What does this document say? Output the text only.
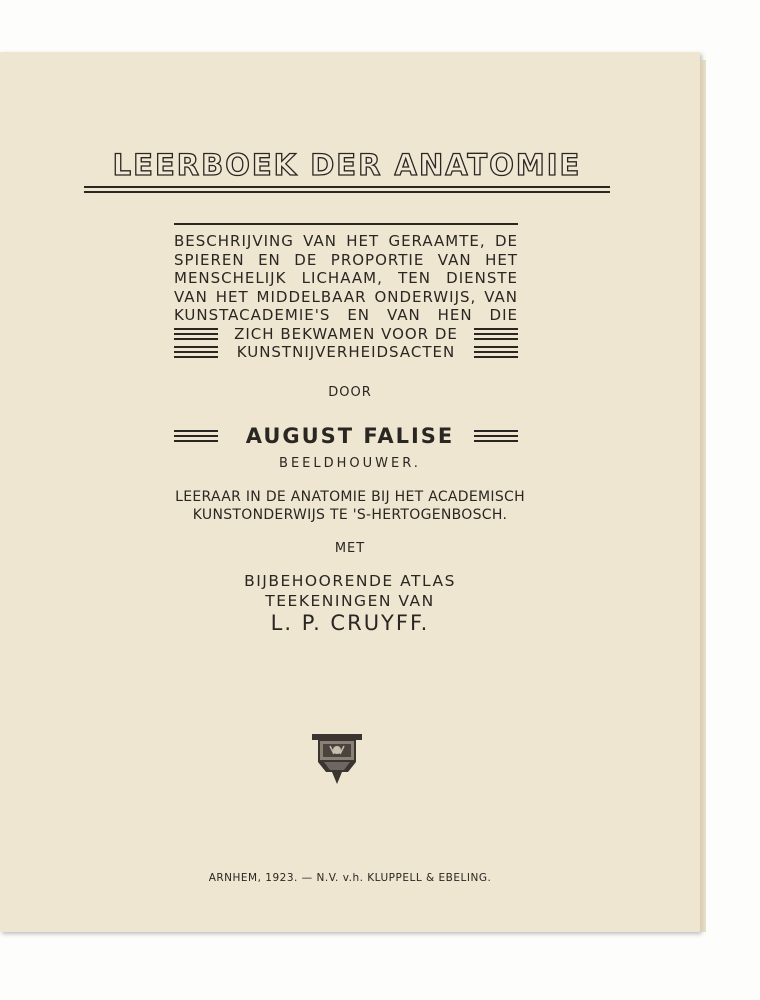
LEERBOEK DER ANATOMIE
BESCHRIJVING VAN HET GERAAMTE, DE
SPIEREN EN DE PROPORTIE VAN HET
MENSCHELIJK LICHAAM, TEN DIENSTE
VAN HET MIDDELBAAR ONDERWIJS, VAN
KUNSTACADEMIE'S EN VAN HEN DIE
ZICH BEKWAMEN VOOR DE
KUNSTNIJVERHEIDSACTEN
DOOR
AUGUST FALISE
BEELDHOUWER.
LEERAAR IN DE ANATOMIE BIJ HET ACADEMISCH
KUNSTONDERWIJS TE 'S-HERTOGENBOSCH.
MET
BIJBEHOORENDE ATLAS
TEEKENINGEN VAN
L. P. CRUYFF.
ARNHEM, 1923. — N.V. v.h. KLUPPELL & EBELING.
